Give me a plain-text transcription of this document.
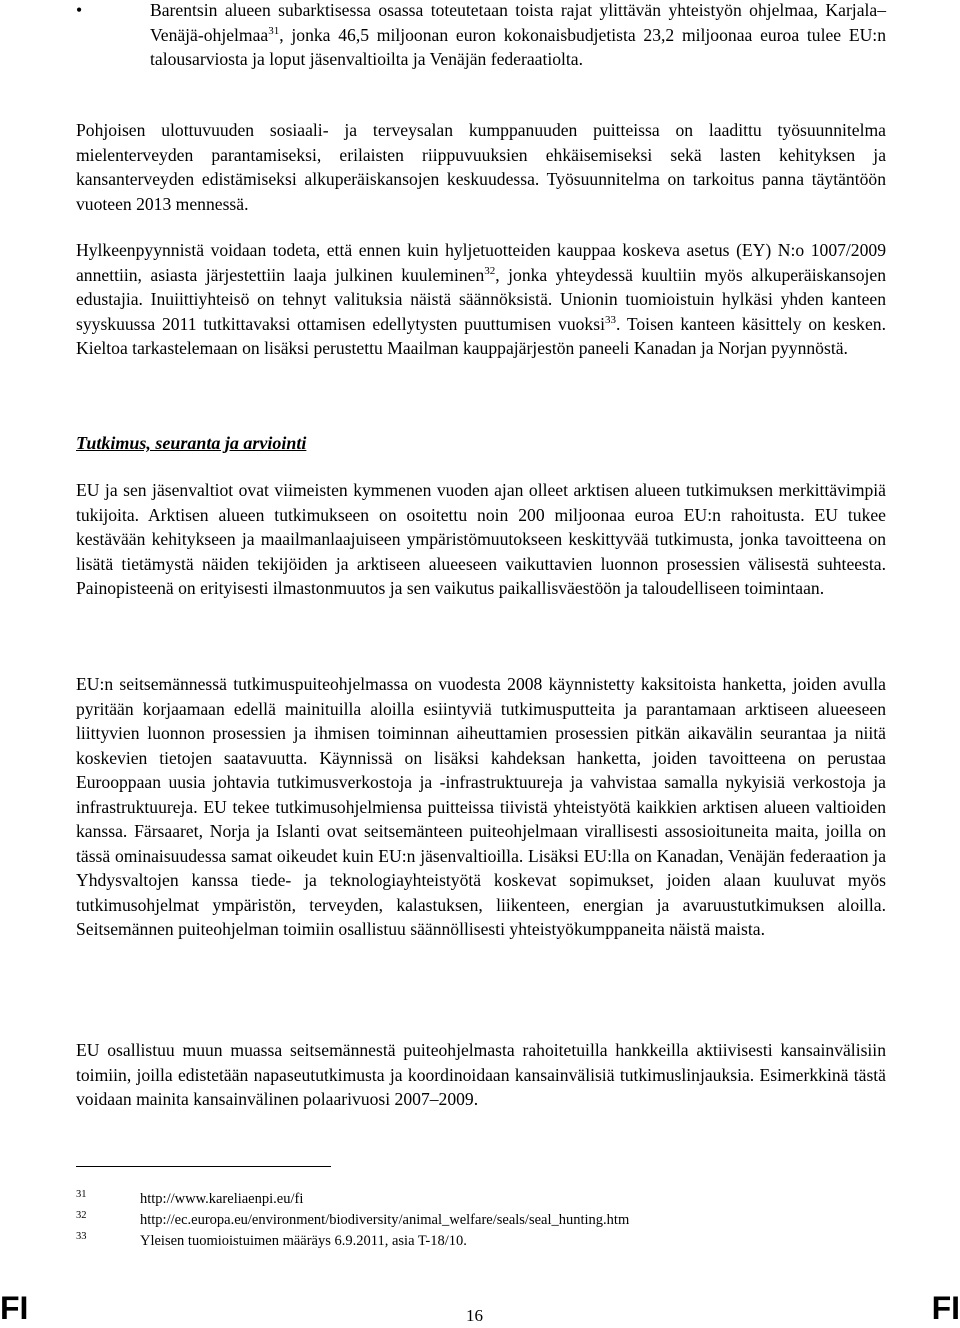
•	Barentsin alueen subarktisessa osassa toteutetaan toista rajat ylittävän yhteistyön ohjelmaa, Karjala–Venäjä-ohjelmaa$^{31}$, jonka 46,5 miljoonan euron kokonaisbudjetista 23,2 miljoonaa euroa tulee EU:n talousarviosta ja loput jäsenvaltioilta ja Venäjän federaatiolta.

Pohjoisen ulottuvuuden sosiaali- ja terveysalan kumppanuuden puitteissa on laadittu työsuunnitelma mielenterveyden parantamiseksi, erilaisten riippuvuuksien ehkäisemiseksi sekä lasten kehityksen ja kansanterveyden edistämiseksi alkuperäiskansojen keskuudessa. Työsuunnitelma on tarkoitus panna täytäntöön vuoteen 2013 mennessä.

Hylkeenpyynnistä voidaan todeta, että ennen kuin hyljetuotteiden kauppaa koskeva asetus (EY) N:o 1007/2009 annettiin, asiasta järjestettiin laaja julkinen kuuleminen$^{32}$, jonka yhteydessä kuultiin myös alkuperäiskansojen edustajia. Inuiittiyhteisö on tehnyt valituksia näistä säännöksistä. Unionin tuomioistuin hylkäsi yhden kanteen syyskuussa 2011 tutkittavaksi ottamisen edellytysten puuttumisen vuoksi$^{33}$. Toisen kanteen käsittely on kesken. Kieltoa tarkastelemaan on lisäksi perustettu Maailman kauppajärjestön paneeli Kanadan ja Norjan pyynnöstä.

Tutkimus, seuranta ja arviointi

EU ja sen jäsenvaltiot ovat viimeisten kymmenen vuoden ajan olleet arktisen alueen tutkimuksen merkittävimpiä tukijoita. Arktisen alueen tutkimukseen on osoitettu noin 200 miljoonaa euroa EU:n rahoitusta. EU tukee kestävään kehitykseen ja maailmanlaajuiseen ympäristömuutokseen keskittyvää tutkimusta, jonka tavoitteena on lisätä tietämystä näiden tekijöiden ja arktiseen alueeseen vaikuttavien luonnon prosessien välisestä suhteesta. Painopisteenä on erityisesti ilmastonmuutos ja sen vaikutus paikallisväestöön ja taloudelliseen toimintaan.

EU:n seitsemännessä tutkimuspuiteohjelmassa on vuodesta 2008 käynnistetty kaksitoista hanketta, joiden avulla pyritään korjaamaan edellä mainituilla aloilla esiintyviä tutkimusputteita ja parantamaan arktiseen alueeseen liittyvien luonnon prosessien ja ihmisen toiminnan aiheuttamien prosessien pitkän aikavälin seurantaa ja niitä koskevien tietojen saatavuutta. Käynnissä on lisäksi kahdeksan hanketta, joiden tavoitteena on perustaa Eurooppaan uusia johtavia tutkimusverkostoja ja -infrastruktuureja ja vahvistaa samalla nykyisiä verkostoja ja infrastruktuureja. EU tekee tutkimusohjelmiensa puitteissa tiivistä yhteistyötä kaikkien arktisen alueen valtioiden kanssa. Färsaaret, Norja ja Islanti ovat seitsemänteen puiteohjelmaan virallisesti assosioituneita maita, joilla on tässä ominaisuudessa samat oikeudet kuin EU:n jäsenvaltioilla. Lisäksi EU:lla on Kanadan, Venäjän federaation ja Yhdysvaltojen kanssa tiede- ja teknologiayhteistyötä koskevat sopimukset, joiden alaan kuuluvat myös tutkimusohjelmat ympäristön, terveyden, kalastuksen, liikenteen, energian ja avaruustutkimuksen aloilla. Seitsemännen puiteohjelman toimiin osallistuu säännöllisesti yhteistyökumppaneita näistä maista.

EU osallistuu muun muassa seitsemännestä puiteohjelmasta rahoitetuilla hankkeilla aktiivisesti kansainvälisiin toimiin, joilla edistetään napaseututkimusta ja koordinoidaan kansainvälisiä tutkimuslinjauksia. Esimerkkinä tästä voidaan mainita kansainvälinen polaarivuosi 2007–2009.

31	http://www.kareliaenpi.eu/fi
32	http://ec.europa.eu/environment/biodiversity/animal_welfare/seals/seal_hunting.htm
33	Yleisen tuomioistuimen määräys 6.9.2011, asia T-18/10.
FI	16	FI
